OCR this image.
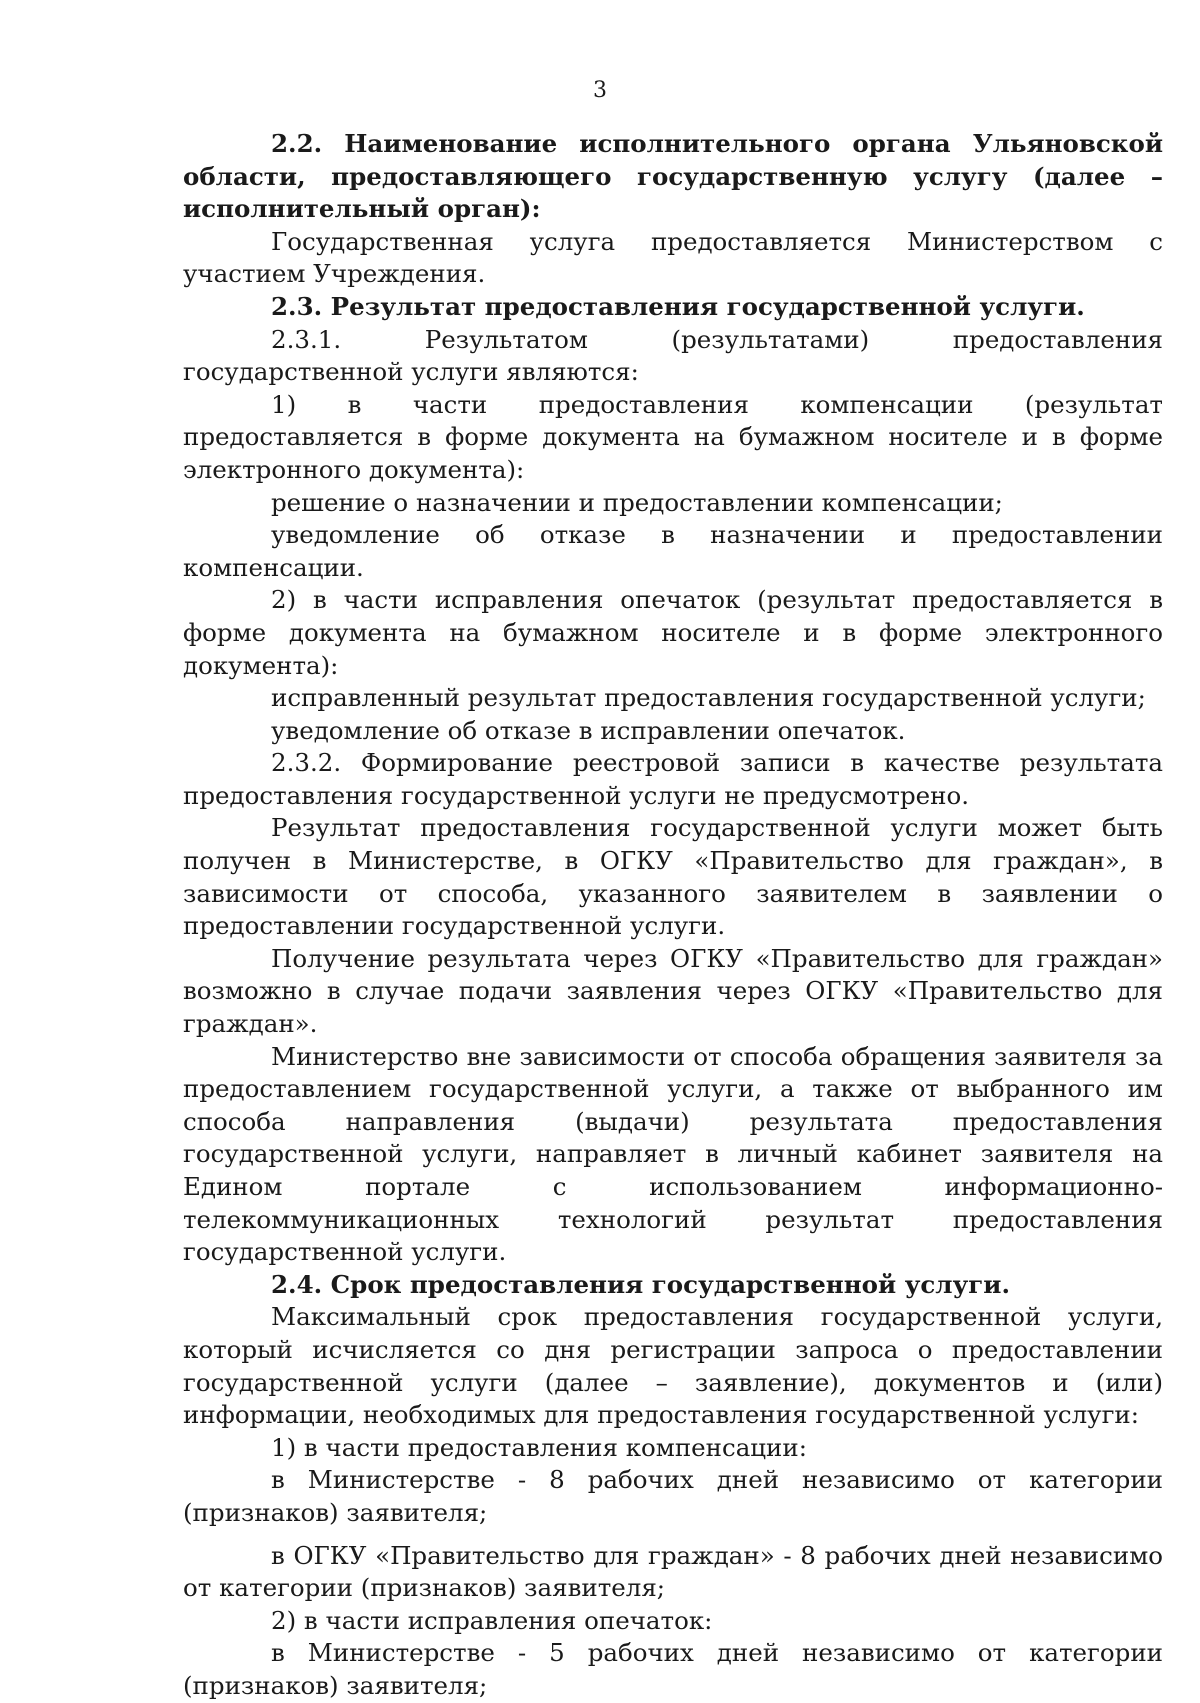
3

2.2. Наименование исполнительного органа Ульяновской области, предоставляющего государственную услугу (далее – исполнительный орган):

Государственная услуга предоставляется Министерством с участием Учреждения.

2.3. Результат предоставления государственной услуги.

2.3.1. Результатом (результатами) предоставления государственной услуги являются:

1) в части предоставления компенсации (результат предоставляется в форме документа на бумажном носителе и в форме электронного документа):

решение о назначении и предоставлении компенсации;

уведомление об отказе в назначении и предоставлении компенсации.

2) в части исправления опечаток (результат предоставляется в форме документа на бумажном носителе и в форме электронного документа):

исправленный результат предоставления государственной услуги;

уведомление об отказе в исправлении опечаток.

2.3.2. Формирование реестровой записи в качестве результата предоставления государственной услуги не предусмотрено.

Результат предоставления государственной услуги может быть получен в Министерстве, в ОГКУ «Правительство для граждан», в зависимости от способа, указанного заявителем в заявлении о предоставлении государственной услуги.

Получение результата через ОГКУ «Правительство для граждан» возможно в случае подачи заявления через ОГКУ «Правительство для граждан».

Министерство вне зависимости от способа обращения заявителя за предоставлением государственной услуги, а также от выбранного им способа направления (выдачи) результата предоставления государственной услуги, направляет в личный кабинет заявителя на Едином портале с использованием информационно-телекоммуникационных технологий результат предоставления государственной услуги.

2.4. Срок предоставления государственной услуги.

Максимальный срок предоставления государственной услуги, который исчисляется со дня регистрации запроса о предоставлении государственной услуги (далее – заявление), документов и (или) информации, необходимых для предоставления государственной услуги:

1) в части предоставления компенсации:

в Министерстве - 8 рабочих дней независимо от категории (признаков) заявителя;

в ОГКУ «Правительство для граждан» - 8 рабочих дней независимо от категории (признаков) заявителя;

2) в части исправления опечаток:

в Министерстве - 5 рабочих дней независимо от категории (признаков) заявителя;
